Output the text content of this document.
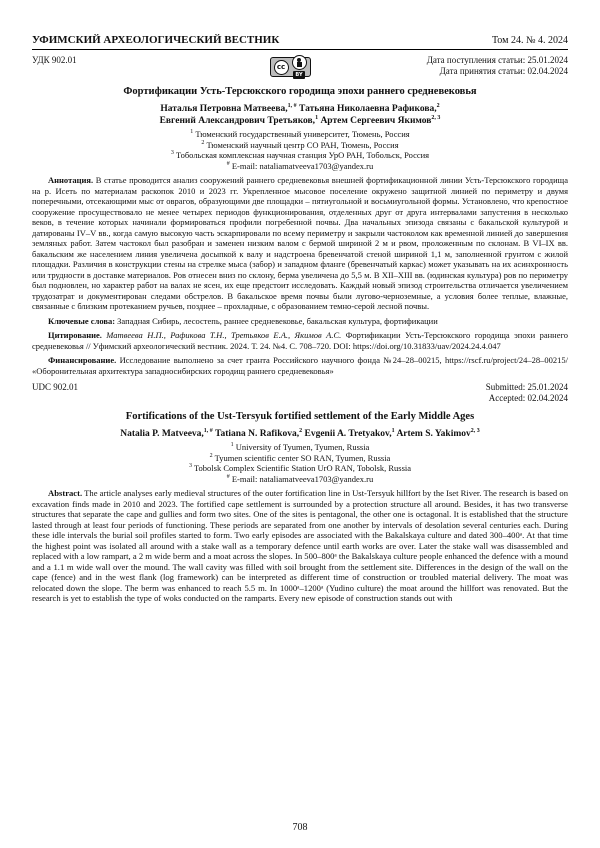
УФИМСКИЙ АРХЕОЛОГИЧЕСКИЙ ВЕСТНИК	Том 24. № 4. 2024
УДК 902.01
cc
BY
Дата поступления статьи: 25.01.2024
Дата принятия статьи: 02.04.2024
Фортификации Усть-Терсюкского городища эпохи раннего средневековья
Наталья Петровна Матвеева,$^{1, \#}$ Татьяна Николаевна Рафикова,$^2$
Евгений Александрович Третьяков,$^1$ Артем Сергеевич Якимов$^{2, 3}$
$^1$ Тюменский государственный университет, Тюмень, Россия
$^2$ Тюменский научный центр СО РАН, Тюмень, Россия
$^3$ Тобольская комплексная научная станция УрО РАН, Тобольск, Россия
# E-mail: nataliamatveeva1703@yandex.ru

Аннотация. В статье проводится анализ сооружений раннего средневековья внешней фортификационной линии Усть-Терсюкского городища на р. Исеть по материалам раскопок 2010 и 2023 гг. Укрепленное мысовое поселение окружено защитной линией по периметру и двумя поперечными, отсекающими мыс от оврагов, образующими две площадки – пятиугольной и восьмиугольной формы. Установлено, что крепостное сооружение просуществовало не менее четырех периодов функционирования, отделенных друг от друга интервалами запустения в несколько веков, в течение которых начинали формироваться профили погребенной почвы. Два начальных эпизода связаны с бакальской культурой и датированы IV–V вв., когда самую высокую часть эскарпировали по всему периметру и закрыли частоколом как временной линией до завершения земляных работ. Затем частокол был разобран и заменен низким валом с бермой шириной 2 м и рвом, проложенным по склонам. В VI–IX вв. бакальским же населением линия увеличена досыпкой к валу и надстроена бревенчатой стеной шириной 1,1 м, заполненной грунтом с жилой площадки. Различия в конструкции стены на стрелке мыса (забор) и западном фланге (бревенчатый каркас) может указывать на их асинхронность или трудности в доставке материалов. Ров отнесен вниз по склону, берма увеличена до 5,5 м. В XII–XIII вв. (юдинская культура) ров по периметру был подновлен, но характер работ на валах не ясен, их еще предстоит исследовать. Каждый новый эпизод строительства отличается увеличением трудозатрат и документирован следами обстрелов. В бакальское время почвы были лугово-черноземные, а условия более теплые, влажные, связанные с близким протеканием ручьев, позднее – прохладные, с образованием темно-серой лесной почвы.

Ключевые слова: Западная Сибирь, лесостепь, раннее средневековье, бакальская культура, фортификации

Цитирование. Матвеева Н.П., Рафикова Т.Н., Третьяков Е.А., Якимов А.С. Фортификации Усть-Терсюкского городища эпохи раннего средневековья // Уфимский археологический вестник. 2024. Т. 24. №4. С. 708–720. DOI: https://doi.org/10.31833/uav/2024.24.4.047

Финансирование. Исследование выполнено за счет гранта Российского научного фонда №24–28–00215, https://rscf.ru/project/24–28–00215/ «Оборонительная архитектура западносибирских городищ раннего средневековья»

UDC 902.01	Submitted: 25.01.2024
Accepted: 02.04.2024
Fortifications of the Ust-Tersyuk fortified settlement of the Early Middle Ages
Natalia P. Matveeva,$^{1, \#}$ Tatiana N. Rafikova,$^2$ Evgenii A. Tretyakov,$^1$ Artem S. Yakimov$^{2, 3}$
$^1$ University of Tyumen, Tyumen, Russia
$^2$ Tyumen scientific center SO RAN, Tyumen, Russia
$^3$ Tobolsk Complex Scientific Station UrO RAN, Tobolsk, Russia
# E-mail: nataliamatveeva1703@yandex.ru

Abstract. The article analyses early medieval structures of the outer fortification line in Ust-Tersyuk hillfort by the Iset River. The research is based on excavation finds made in 2010 and 2023. The fortified cape settlement is surrounded by a protection structure all around. Besides, it has two transverse structures that separate the cape and gullies and form two sites. One of the sites is pentagonal, the other one is octagonal. It is established that the structure lasted through at least four periods of functioning. These periods are separated from one another by intervals of desolation several centuries each. During these idle intervals the burial soil profiles started to form. Two early episodes are associated with the Bakalskaya culture and dated 300–400ᵃ. At that time the highest point was isolated all around with a stake wall as a temporary defence until earth works are over. Later the stake wall was disassembled and replaced with a low rampart, a 2 m wide berm and a moat across the slopes. In 500–800ᵃ the Bakalskaya culture people enhanced the defence with a mound and a 1.1 m wide wall over the mound. The wall cavity was filled with soil brought from the settlement site. Differences in the design of the wall on the cape (fence) and in the west flank (log framework) can be interpreted as different time of construction or troubled material delivery. The moat was relocated down the slope. The berm was enhanced to reach 5.5 m. In 1000ᵃ–1200ᵃ (Yudino culture) the moat around the hillfort was renovated. But the research is yet to establish the type of woks conducted on the ramparts. Every new episode of construction stands out with

708
